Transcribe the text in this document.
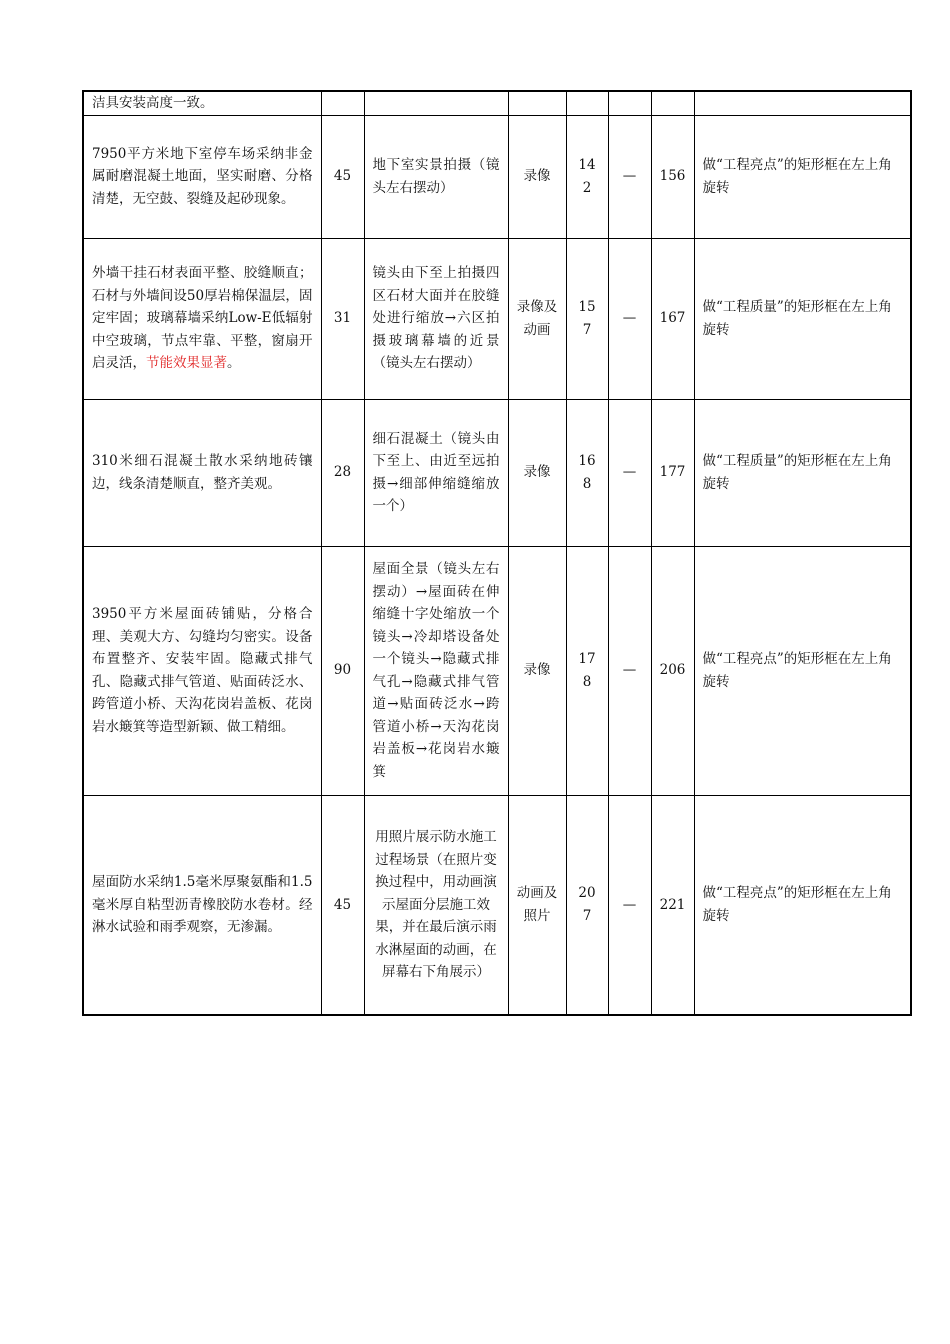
洁具安装高度一致。							
7950平方米地下室停车场采纳非金属耐磨混凝土地面，坚实耐磨、分格清楚，无空鼓、裂缝及起砂现象。	45	地下室实景拍摄（镜头左右摆动）	录像	142	—	156	做“工程亮点”的矩形框在左上角旋转
外墙干挂石材表面平整、胶缝顺直；石材与外墙间设50厚岩棉保温层，固定牢固；玻璃幕墙采纳Low-E低辐射中空玻璃，节点牢靠、平整，窗扇开启灵活，节能效果显著。	31	镜头由下至上拍摄四区石材大面并在胶缝处进行缩放→六区拍摄玻璃幕墙的近景（镜头左右摆动）	录像及动画	157	—	167	做“工程质量”的矩形框在左上角旋转
310米细石混凝土散水采纳地砖镶边，线条清楚顺直，整齐美观。	28	细石混凝土（镜头由下至上、由近至远拍摄→细部伸缩缝缩放一个）	录像	168	—	177	做“工程质量”的矩形框在左上角旋转
3950平方米屋面砖铺贴，分格合理、美观大方、勾缝均匀密实。设备布置整齐、安装牢固。隐藏式排气孔、隐藏式排气管道、贴面砖泛水、跨管道小桥、天沟花岗岩盖板、花岗岩水簸箕等造型新颖、做工精细。	90	屋面全景（镜头左右摆动）→屋面砖在伸缩缝十字处缩放一个镜头→冷却塔设备处一个镜头→隐藏式排气孔→隐藏式排气管道→贴面砖泛水→跨管道小桥→天沟花岗岩盖板→花岗岩水簸箕	录像	178	—	206	做“工程亮点”的矩形框在左上角旋转
屋面防水采纳1.5毫米厚聚氨酯和1.5毫米厚自粘型沥青橡胶防水卷材。经淋水试验和雨季观察，无渗漏。	45	用照片展示防水施工过程场景（在照片变换过程中，用动画演示屋面分层施工效果，并在最后演示雨水淋屋面的动画，在屏幕右下角展示）	动画及照片	207	—	221	做“工程亮点”的矩形框在左上角旋转
